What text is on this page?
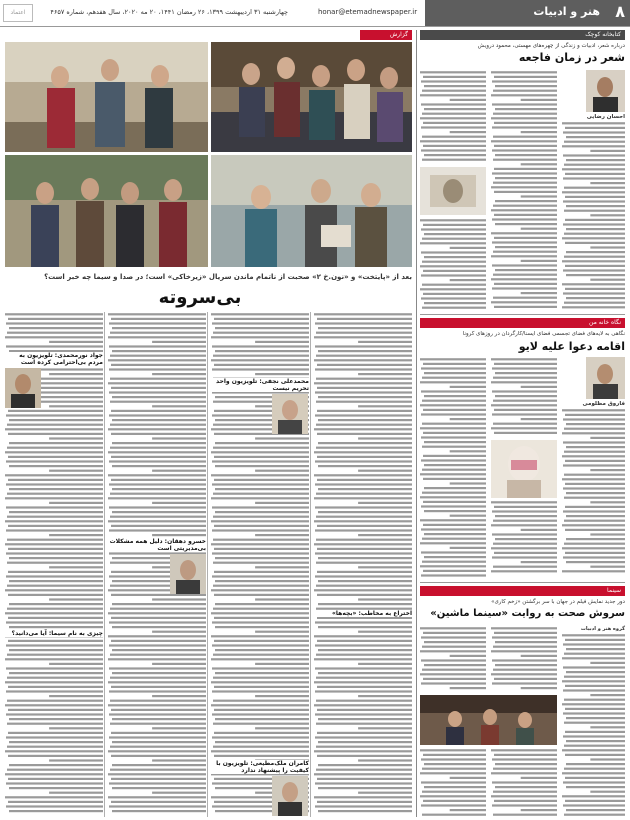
اعتماد	چهارشنبه ۳۱ اردیبهشت ۱۳۹۹، ۲۶ رمضان ۱۴۴۱، ۲۰ مه ۲۰۲۰، سال هفدهم، شماره ۴۶۵۷	honar@etemadnewspaper.ir	۸
هنر و ادبیات
گزارش
بعد از «پایتخت» و «نون.خ ۲» صحبت از ناتمام ماندن سریال «زیرخاکی» است؛ در صدا و سیما چه خبر است؟
بی‌سروته
جواد نورمحمدی: تلویزیون به مردم بی‌احترامی کرده است
محمدعلی نجفی: تلویزیون واحد تحریم نیست
خسرو دهقان: دلیل همه مشکلات بی‌مدیریتی است
اختراع به مخاطب: «بچه‌ها»
چیزی به نام سیما: آیا می‌دانید؟
کامران ملک‌مطیعی: تلویزیون با کیفیت را پیشنهاد ندارد
کتابخانه کوچک
درباره شعر، ادبیات و زندگی از چهره‌های مهستی، محمود درویش
شعر در زمان فاجعه
احسان رضایی
نگاه خانه من
نگاهی به لایه‌های فضای تجسمی فضای ایسنا/کارگردان در روزهای کرونا
اقامه دعوا علیه لایو
فاروق مظلومی
سینما
دور جدید نمایش فیلم در جهان با سر برگشتن «زخم کاری»
سروش صحت به روایت «سینما ماشین»
گروه هنر و ادبیات
